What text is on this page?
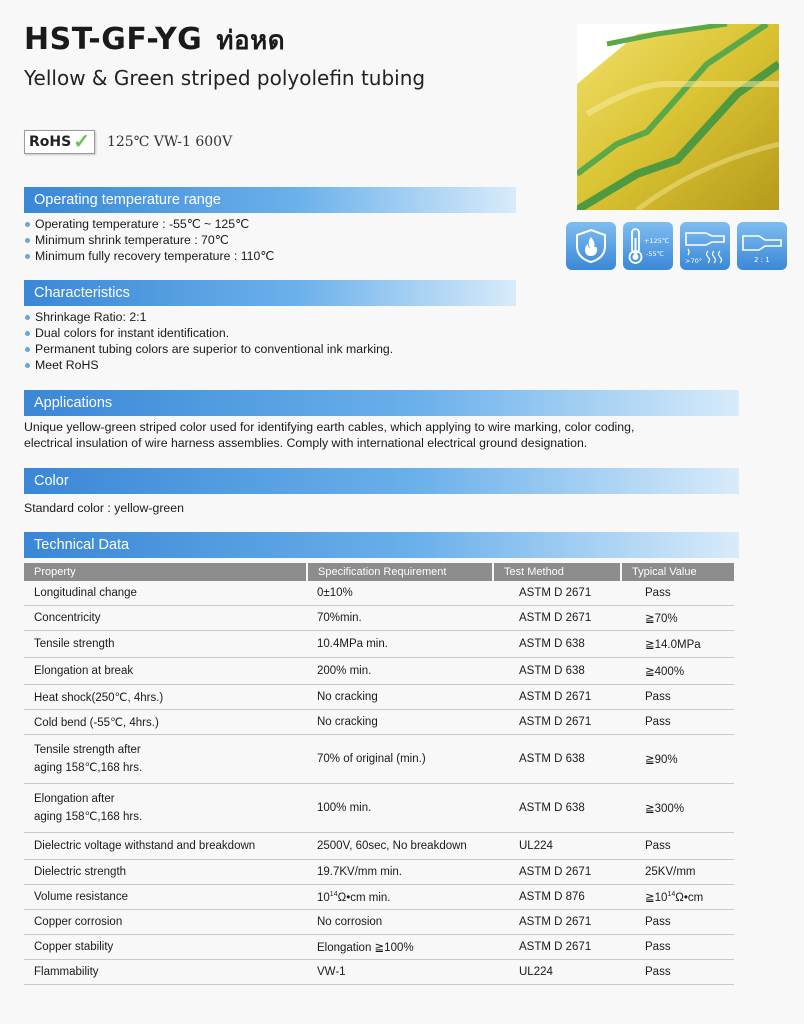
HST-GF-YG ท่อหด
Yellow & Green striped polyolefin tubing
RoHS ✓ 125℃ VW-1 600V
+125℃
-55℃
>70°	2 : 1
Operating temperature range
Operating temperature : -55℃ ~ 125℃
Minimum shrink temperature : 70℃
Minimum fully recovery temperature : 110℃
Characteristics
Shrinkage Ratio: 2:1
Dual colors for instant identification.
Permanent tubing colors are superior to conventional ink marking.
Meet RoHS
Applications

Unique yellow-green striped color used for identifying earth cables, which applying to wire marking, color coding,
electrical insulation of wire harness assemblies. Comply with international electrical ground designation.

Color

Standard color : yellow-green

Technical Data
Property	Specification Requirement	Test Method	Typical Value
Longitudinal change	0±10%	ASTM D 2671	Pass
Concentricity	70%min.	ASTM D 2671	≧70%
Tensile strength	10.4MPa min.	ASTM D 638	≧14.0MPa
Elongation at break	200% min.	ASTM D 638	≧400%
Heat shock(250℃, 4hrs.)	No cracking	ASTM D 2671	Pass
Cold bend (-55℃, 4hrs.)	No cracking	ASTM D 2671	Pass
Tensile strength after
aging 158℃,168 hrs.	70% of original (min.)	ASTM D 638	≧90%
Elongation after
aging 158℃,168 hrs.	100% min.	ASTM D 638	≧300%
Dielectric voltage withstand and breakdown	2500V, 60sec, No breakdown	UL224	Pass
Dielectric strength	19.7KV/mm min.	ASTM D 2671	25KV/mm
Volume resistance	$10^{14}\Omega•cm$ min.	ASTM D 876	$≧10^{14}\Omega•cm$
Copper corrosion	No corrosion	ASTM D 2671	Pass
Copper stability	Elongation ≧100%	ASTM D 2671	Pass
Flammability	VW-1	UL224	Pass
